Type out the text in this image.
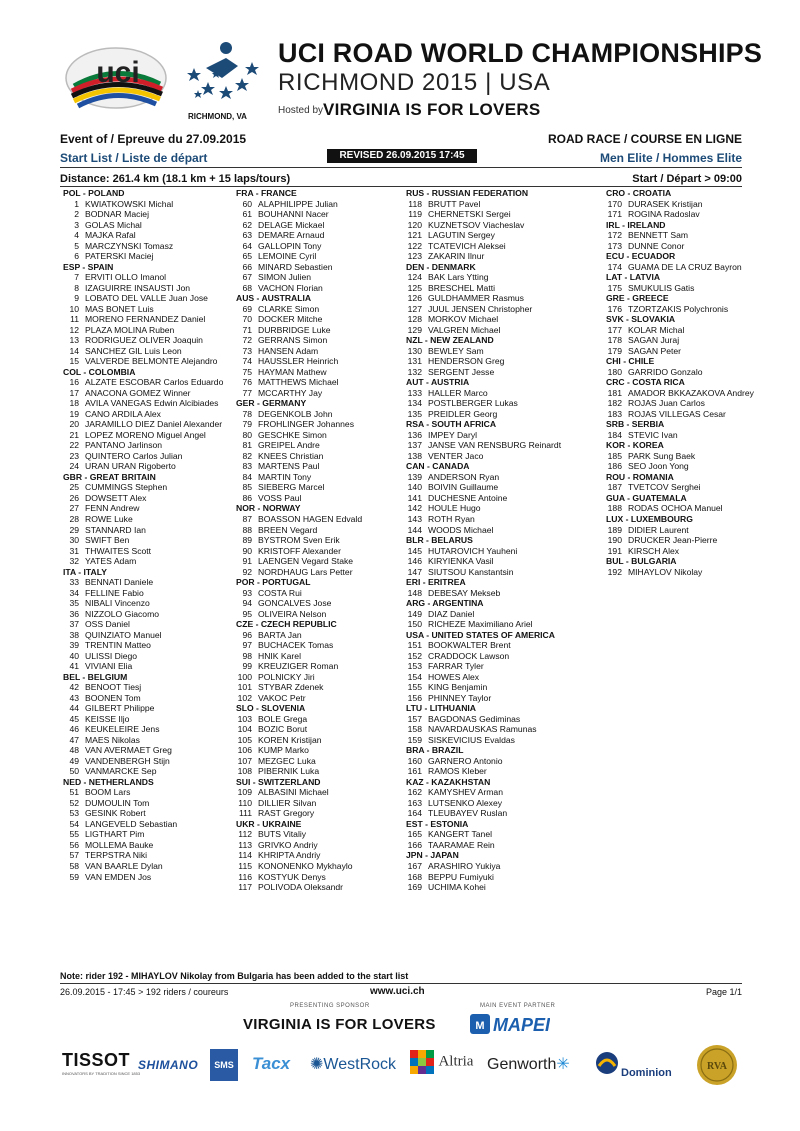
uci
RICHMOND, VA
UCI ROAD WORLD CHAMPIONSHIPS
RICHMOND 2015 | USA
Hosted by VIRGINIA IS FOR LOVERS
Event of / Epreuve du 27.09.2015	ROAD RACE / COURSE EN LIGNE
Start List / Liste de départ	REVISED 26.09.2015 17:45	Men Elite / Hommes Elite
Distance: 261.4 km (18.1 km + 15 laps/tours)	Start / Départ > 09:00
POL - POLAND
1 KWIATKOWSKI Michal
2 BODNAR Maciej
3 GOLAS Michal
4 MAJKA Rafal
5 MARCZYNSKI Tomasz
6 PATERSKI Maciej
ESP - SPAIN
7 ERVITI OLLO Imanol
8 IZAGUIRRE INSAUSTI Jon
9 LOBATO DEL VALLE Juan Jose
10 MAS BONET Luis
11 MORENO FERNANDEZ Daniel
12 PLAZA MOLINA Ruben
13 RODRIGUEZ OLIVER Joaquin
14 SANCHEZ GIL Luis Leon
15 VALVERDE BELMONTE Alejandro
COL - COLOMBIA
16 ALZATE ESCOBAR Carlos Eduardo
17 ANACONA GOMEZ Winner
18 AVILA VANEGAS Edwin Alcibiades
19 CANO ARDILA Alex
20 JARAMILLO DIEZ Daniel Alexander
21 LOPEZ MORENO Miguel Angel
22 PANTANO Jarlinson
23 QUINTERO Carlos Julian
24 URAN URAN Rigoberto
GBR - GREAT BRITAIN
25 CUMMINGS Stephen
26 DOWSETT Alex
27 FENN Andrew
28 ROWE Luke
29 STANNARD Ian
30 SWIFT Ben
31 THWAITES Scott
32 YATES Adam
ITA - ITALY
33 BENNATI Daniele
34 FELLINE Fabio
35 NIBALI Vincenzo
36 NIZZOLO Giacomo
37 OSS Daniel
38 QUINZIATO Manuel
39 TRENTIN Matteo
40 ULISSI Diego
41 VIVIANI Elia
BEL - BELGIUM
42 BENOOT Tiesj
43 BOONEN Tom
44 GILBERT Philippe
45 KEISSE Iljo
46 KEUKELEIRE Jens
47 MAES Nikolas
48 VAN AVERMAET Greg
49 VANDENBERGH Stijn
50 VANMARCKE Sep
NED - NETHERLANDS
51 BOOM Lars
52 DUMOULIN Tom
53 GESINK Robert
54 LANGEVELD Sebastian
55 LIGTHART Pim
56 MOLLEMA Bauke
57 TERPSTRA Niki
58 VAN BAARLE Dylan
59 VAN EMDEN Jos
FRA - FRANCE
60 ALAPHILIPPE Julian
61 BOUHANNI Nacer
62 DELAGE Mickael
63 DEMARE Arnaud
64 GALLOPIN Tony
65 LEMOINE Cyril
66 MINARD Sebastien
67 SIMON Julien
68 VACHON Florian
AUS - AUSTRALIA
69 CLARKE Simon
70 DOCKER Mitche
71 DURBRIDGE Luke
72 GERRANS Simon
73 HANSEN Adam
74 HAUSSLER Heinrich
75 HAYMAN Mathew
76 MATTHEWS Michael
77 MCCARTHY Jay
GER - GERMANY
78 DEGENKOLB John
79 FROHLINGER Johannes
80 GESCHKE Simon
81 GREIPEL Andre
82 KNEES Christian
83 MARTENS Paul
84 MARTIN Tony
85 SIEBERG Marcel
86 VOSS Paul
NOR - NORWAY
87 BOASSON HAGEN Edvald
88 BREEN Vegard
89 BYSTROM Sven Erik
90 KRISTOFF Alexander
91 LAENGEN Vegard Stake
92 NORDHAUG Lars Petter
POR - PORTUGAL
93 COSTA Rui
94 GONCALVES Jose
95 OLIVEIRA Nelson
CZE - CZECH REPUBLIC
96 BARTA Jan
97 BUCHACEK Tomas
98 HNIK Karel
99 KREUZIGER Roman
100 POLNICKY Jiri
101 STYBAR Zdenek
102 VAKOC Petr
SLO - SLOVENIA
103 BOLE Grega
104 BOZIC Borut
105 KOREN Kristijan
106 KUMP Marko
107 MEZGEC Luka
108 PIBERNIK Luka
SUI - SWITZERLAND
109 ALBASINI Michael
110 DILLIER Silvan
111 RAST Gregory
UKR - UKRAINE
112 BUTS Vitaliy
113 GRIVKO Andriy
114 KHRIPTA Andriy
115 KONONENKO Mykhaylo
116 KOSTYUK Denys
117 POLIVODA Oleksandr
RUS - RUSSIAN FEDERATION
118 BRUTT Pavel
119 CHERNETSKI Sergei
120 KUZNETSOV Viacheslav
121 LAGUTIN Sergey
122 TCATEVICH Aleksei
123 ZAKARIN Ilnur
DEN - DENMARK
124 BAK Lars Ytting
125 BRESCHEL Matti
126 GULDHAMMER Rasmus
127 JUUL JENSEN Christopher
128 MORKOV Michael
129 VALGREN Michael
NZL - NEW ZEALAND
130 BEWLEY Sam
131 HENDERSON Greg
132 SERGENT Jesse
AUT - AUSTRIA
133 HALLER Marco
134 POSTLBERGER Lukas
135 PREIDLER Georg
RSA - SOUTH AFRICA
136 IMPEY Daryl
137 JANSE VAN RENSBURG Reinardt
138 VENTER Jaco
CAN - CANADA
139 ANDERSON Ryan
140 BOIVIN Guillaume
141 DUCHESNE Antoine
142 HOULE Hugo
143 ROTH Ryan
144 WOODS Michael
BLR - BELARUS
145 HUTAROVICH Yauheni
146 KIRYIENKA Vasil
147 SIUTSOU Kanstantsin
ERI - ERITREA
148 DEBESAY Mekseb
ARG - ARGENTINA
149 DIAZ Daniel
150 RICHEZE Maximiliano Ariel
USA - UNITED STATES OF AMERICA
151 BOOKWALTER Brent
152 CRADDOCK Lawson
153 FARRAR Tyler
154 HOWES Alex
155 KING Benjamin
156 PHINNEY Taylor
LTU - LITHUANIA
157 BAGDONAS Gediminas
158 NAVARDAUSKAS Ramunas
159 SISKEVICIUS Evaldas
BRA - BRAZIL
160 GARNERO Antonio
161 RAMOS Kleber
KAZ - KAZAKHSTAN
162 KAMYSHEV Arman
163 LUTSENKO Alexey
164 TLEUBAYEV Ruslan
EST - ESTONIA
165 KANGERT Tanel
166 TAARAMAE Rein
JPN - JAPAN
167 ARASHIRO Yukiya
168 BEPPU Fumiyuki
169 UCHIMA Kohei
CRO - CROATIA
170 DURASEK Kristijan
171 ROGINA Radoslav
IRL - IRELAND
172 BENNETT Sam
173 DUNNE Conor
ECU - ECUADOR
174 GUAMA DE LA CRUZ Bayron
LAT - LATVIA
175 SMUKULIS Gatis
GRE - GREECE
176 TZORTZAKIS Polychronis
SVK - SLOVAKIA
177 KOLAR Michal
178 SAGAN Juraj
179 SAGAN Peter
CHI - CHILE
180 GARRIDO Gonzalo
CRC - COSTA RICA
181 AMADOR BKKAZAKOVA Andrey
182 ROJAS Juan Carlos
183 ROJAS VILLEGAS Cesar
SRB - SERBIA
184 STEVIC Ivan
KOR - KOREA
185 PARK Sung Baek
186 SEO Joon Yong
ROU - ROMANIA
187 TVETCOV Serghei
GUA - GUATEMALA
188 RODAS OCHOA Manuel
LUX - LUXEMBOURG
189 DIDIER Laurent
190 DRUCKER Jean-Pierre
191 KIRSCH Alex
BUL - BULGARIA
192 MIHAYLOV Nikolay
Note: rider 192 - MIHAYLOV Nikolay from Bulgaria has been added to the start list
26.09.2015 - 17:45 > 192 riders / coureurs	www.uci.ch	Page 1/1
PRESENTING SPONSOR	MAIN EVENT PARTNER
VIRGINIA IS FOR LOVERS	M MAPEI
TISSOT
INNOVATORS BY TRADITION SINCE 1853
SHIMANO	SMS Tacx ✺WestRock	Altria Genworth✳	Dominion
RVA
